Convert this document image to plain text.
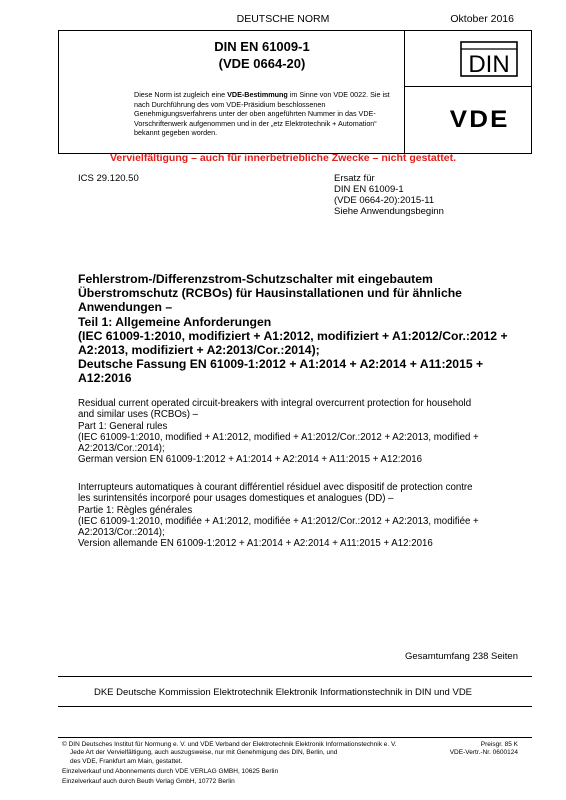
DEUTSCHE NORM	Oktober 2016
DIN EN 61009-1
(VDE 0664-20)
Diese Norm ist zugleich eine VDE-Bestimmung im Sinne von VDE 0022. Sie ist nach Durchführung des vom VDE-Präsidium beschlossenen Genehmigungsverfahrens unter der oben angeführten Nummer in das VDE-Vorschriftenwerk aufgenommen und in der „etz Elektrotechnik + Automation“ bekannt gegeben worden.
DIN
VDE
Vervielfältigung – auch für innerbetriebliche Zwecke – nicht gestattet.
ICS 29.120.50	Ersatz für
DIN EN 61009-1
(VDE 0664-20):2015-11
Siehe Anwendungsbeginn
Fehlerstrom-/Differenzstrom-Schutzschalter mit eingebautem
Überstromschutz (RCBOs) für Hausinstallationen und für ähnliche
Anwendungen –
Teil 1: Allgemeine Anforderungen
(IEC 61009-1:2010, modifiziert + A1:2012, modifiziert + A1:2012/Cor.:2012 +
A2:2013, modifiziert + A2:2013/Cor.:2014);
Deutsche Fassung EN 61009-1:2012 + A1:2014 + A2:2014 + A11:2015 +
A12:2016
Residual current operated circuit-breakers with integral overcurrent protection for household
and similar uses (RCBOs) –
Part 1: General rules
(IEC 61009-1:2010, modified + A1:2012, modified + A1:2012/Cor.:2012 + A2:2013, modified +
A2:2013/Cor.:2014);
German version EN 61009-1:2012 + A1:2014 + A2:2014 + A11:2015 + A12:2016
Interrupteurs automatiques à courant différentiel résiduel avec dispositif de protection contre
les surintensités incorporé pour usages domestiques et analogues (DD) –
Partie 1: Règles générales
(IEC 61009-1:2010, modifiée + A1:2012, modifiée + A1:2012/Cor.:2012 + A2:2013, modifiée +
A2:2013/Cor.:2014);
Version allemande EN 61009-1:2012 + A1:2014 + A2:2014 + A11:2015 + A12:2016
Gesamtumfang 238 Seiten
DKE Deutsche Kommission Elektrotechnik Elektronik Informationstechnik in DIN und VDE
© DIN Deutsches Institut für Normung e. V. und VDE Verband der Elektrotechnik Elektronik Informationstechnik e. V.
Jede Art der Vervielfältigung, auch auszugsweise, nur mit Genehmigung des DIN, Berlin, und
des VDE, Frankfurt am Main, gestattet.
Preisgr. 85 K
VDE-Vertr.-Nr. 0600124
Einzelverkauf und Abonnements durch VDE VERLAG GMBH, 10625 Berlin
Einzelverkauf auch durch Beuth Verlag GmbH, 10772 Berlin
